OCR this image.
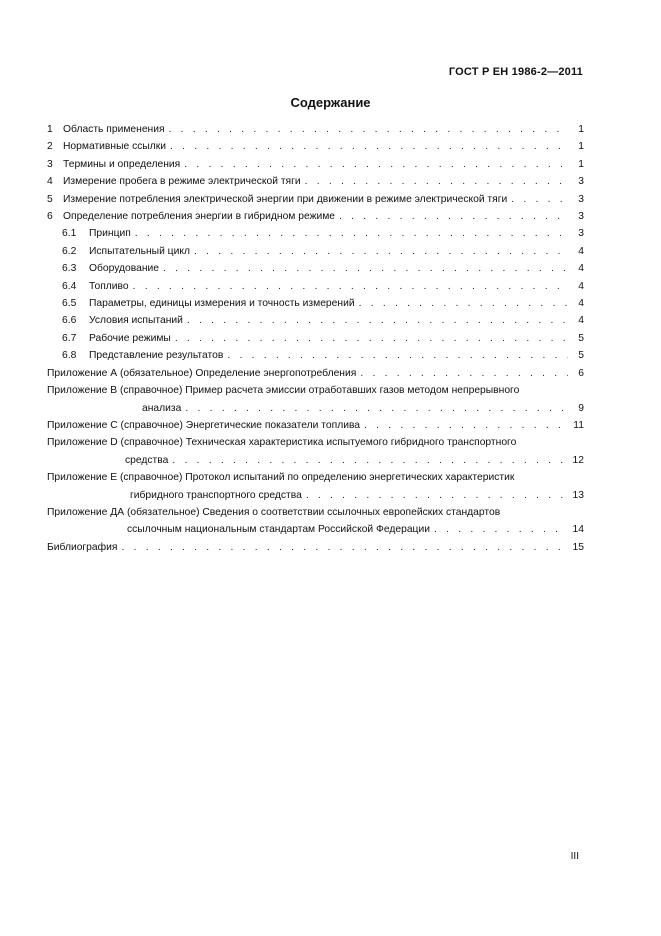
ГОСТ Р ЕН 1986-2—2011
Содержание
1 Область применения . . .	1
2 Нормативные ссылки . . .	1
3 Термины и определения . . .	1
4 Измерение пробега в режиме электрической тяги . . .	3
5 Измерение потребления электрической энергии при движении в режиме электрической тяги . . .	3
6 Определение потребления энергии в гибридном режиме . . .	3
6.1	Принцип . . .	3
6.2	Испытательный цикл . . .	4
6.3	Оборудование . . .	4
6.4	Топливо . . .	4
6.5	Параметры, единицы измерения и точность измерений . . .	4
6.6	Условия испытаний . . .	4
6.7	Рабочие режимы . . .	5
6.8	Представление результатов . . .	5
Приложение А (обязательное) Определение энергопотребления . . .	6
Приложение В (справочное) Пример расчета эмиссии отработавших газов методом непрерывного
анализа . . .	9
Приложение С (справочное) Энергетические показатели топлива . . .	11
Приложение D (справочное) Техническая характеристика испытуемого гибридного транспортного
средства . . .	12
Приложение Е (справочное) Протокол испытаний по определению энергетических характеристик
гибридного транспортного средства . . .	13
Приложение ДА (обязательное) Сведения о соответствии ссылочных европейских стандартов
ссылочным национальным стандартам Российской Федерации . . .	14
Библиография . . .	15
III
